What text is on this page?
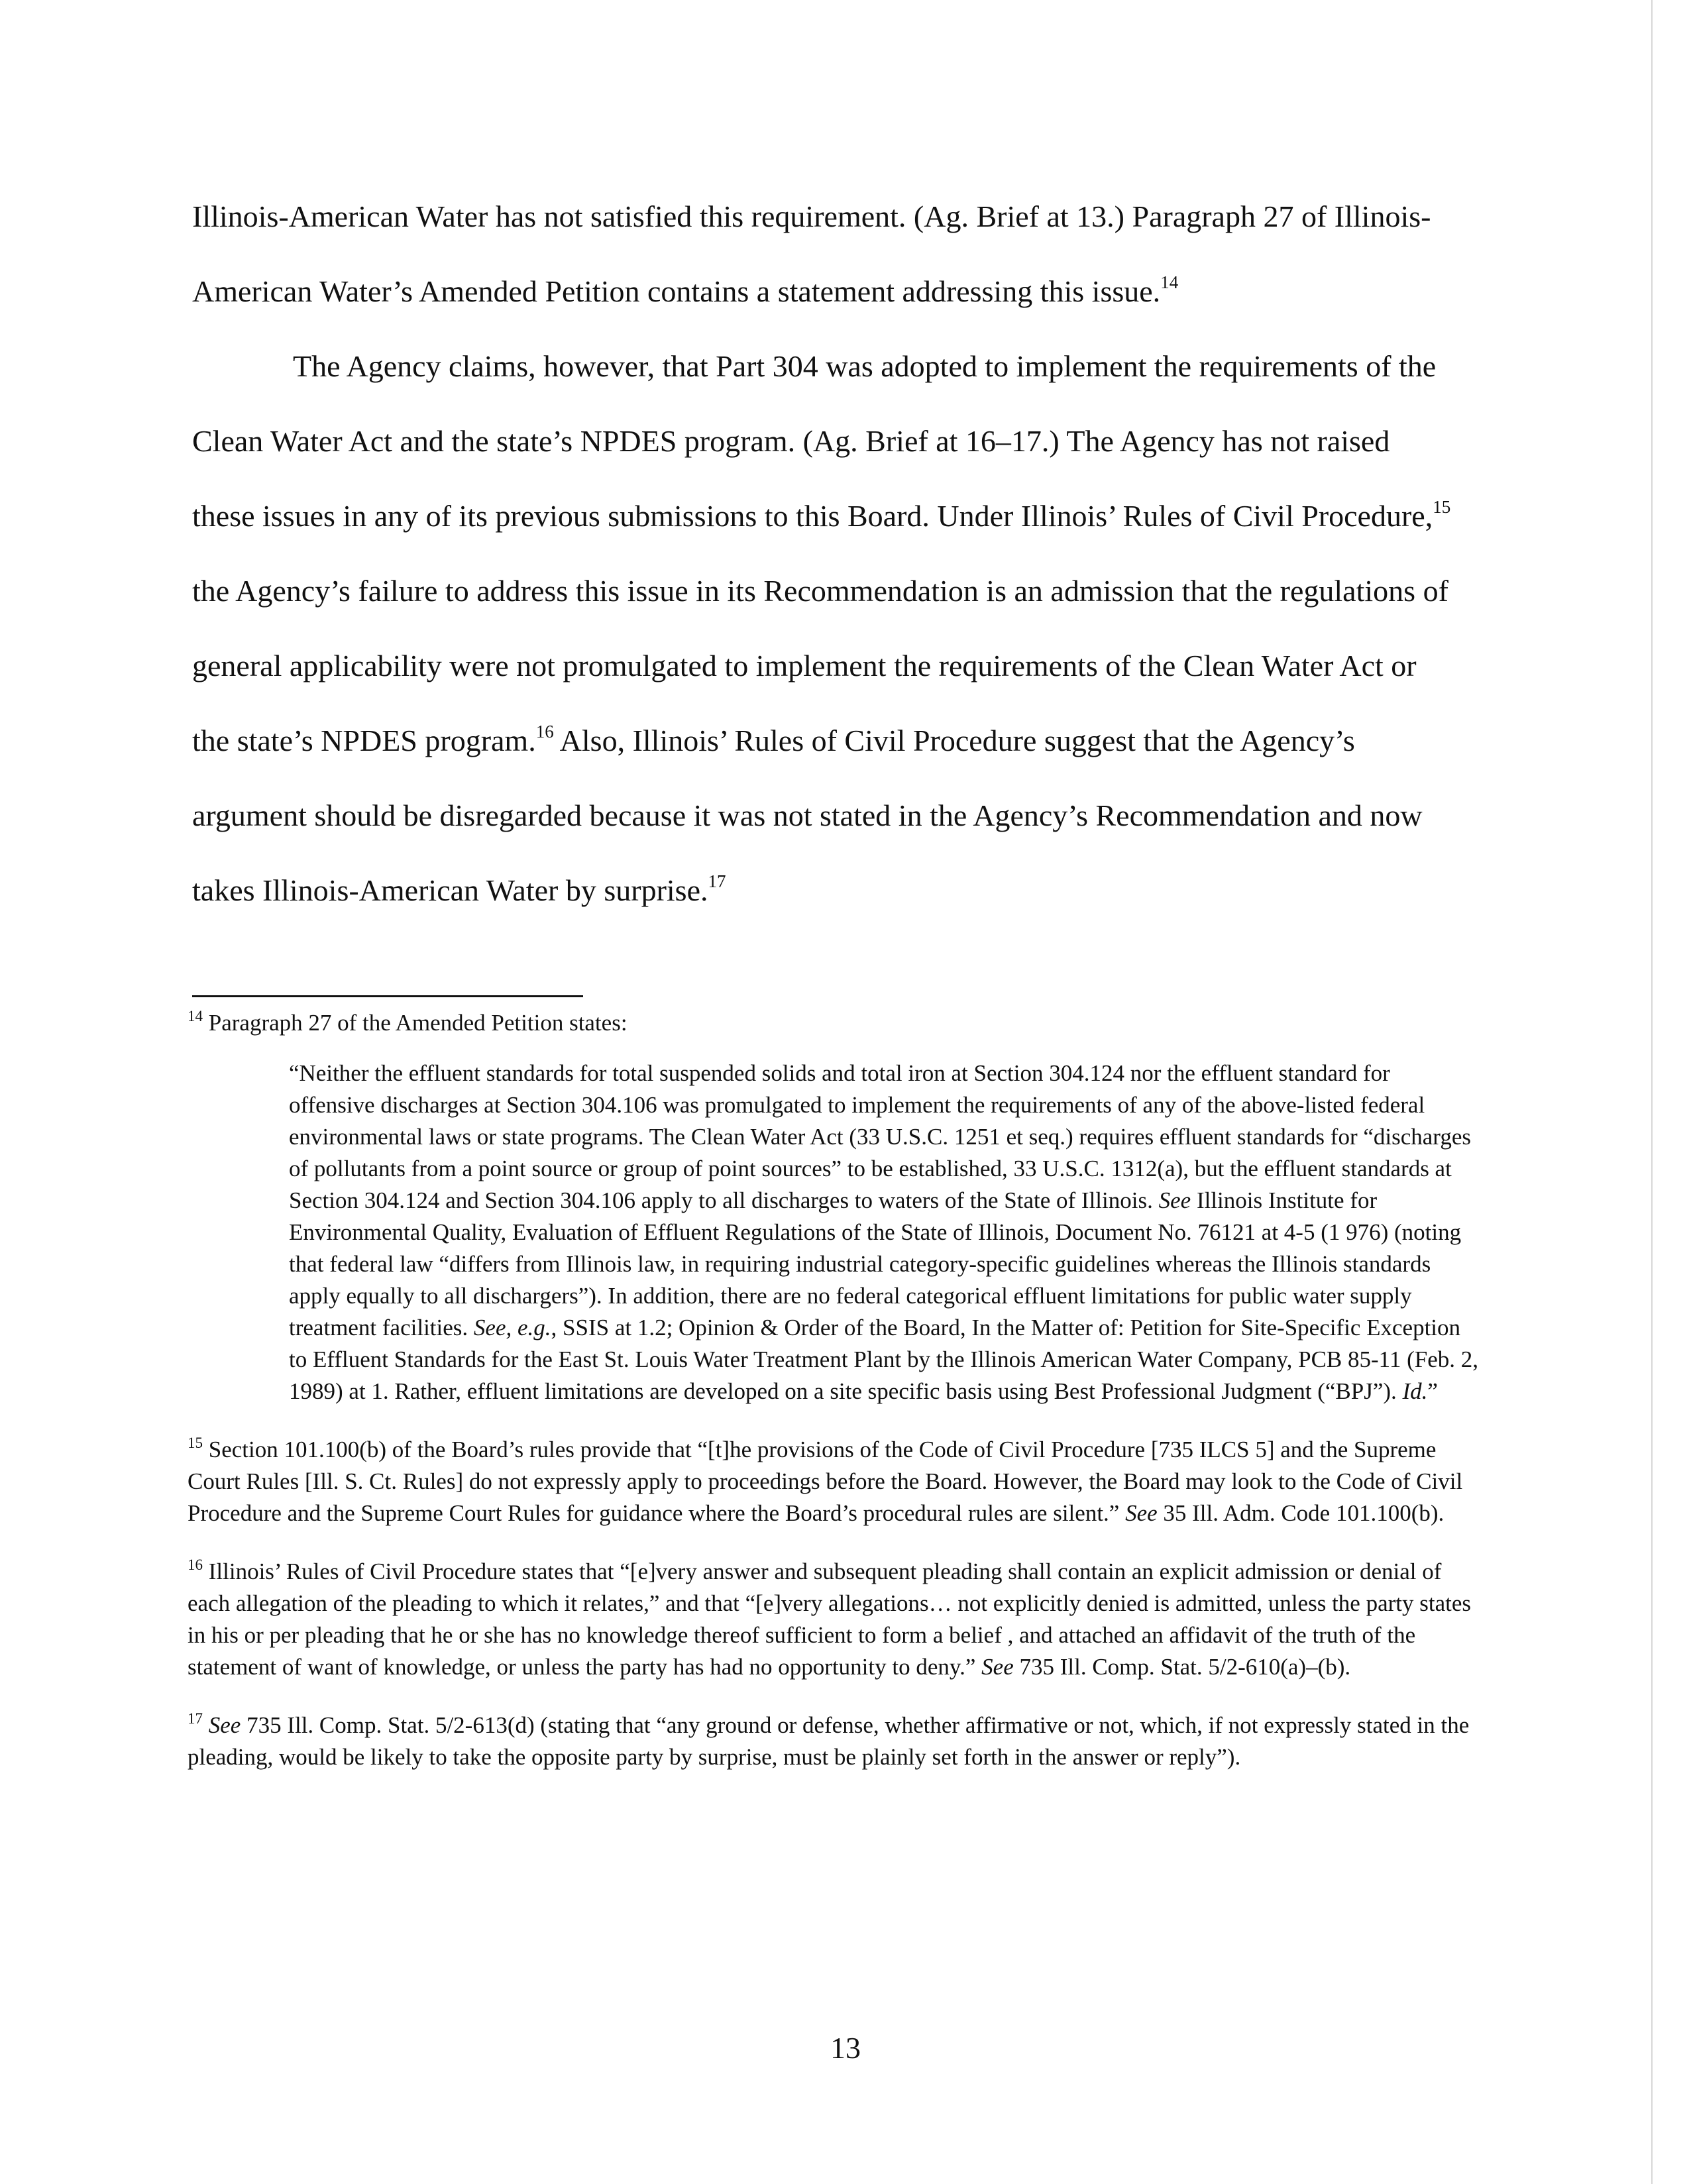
Illinois-American Water has not satisfied this requirement. (Ag. Brief at 13.) Paragraph 27 of Illinois-American Water’s Amended Petition contains a statement addressing this issue.$^{14}$

The Agency claims, however, that Part 304 was adopted to implement the requirements of the Clean Water Act and the state’s NPDES program. (Ag. Brief at 16–17.) The Agency has not raised these issues in any of its previous submissions to this Board. Under Illinois’ Rules of Civil Procedure,$^{15}$ the Agency’s failure to address this issue in its Recommendation is an admission that the regulations of general applicability were not promulgated to implement the requirements of the Clean Water Act or the state’s NPDES program.$^{16}$ Also, Illinois’ Rules of Civil Procedure suggest that the Agency’s argument should be disregarded because it was not stated in the Agency’s Recommendation and now takes Illinois-American Water by surprise.$^{17}$

$^{14}$ Paragraph 27 of the Amended Petition states:

“Neither the effluent standards for total suspended solids and total iron at Section 304.124 nor the effluent standard for offensive discharges at Section 304.106 was promulgated to implement the requirements of any of the above-listed federal environmental laws or state programs. The Clean Water Act (33 U.S.C. 1251 et seq.) requires effluent standards for “discharges of pollutants from a point source or group of point sources” to be established, 33 U.S.C. 1312(a), but the effluent standards at Section 304.124 and Section 304.106 apply to all discharges to waters of the State of Illinois. See Illinois Institute for Environmental Quality, Evaluation of Effluent Regulations of the State of Illinois, Document No. 76121 at 4-5 (1 976) (noting that federal law “differs from Illinois law, in requiring industrial category-specific guidelines whereas the Illinois standards apply equally to all dischargers”). In addition, there are no federal categorical effluent limitations for public water supply treatment facilities. See, e.g., SSIS at 1.2; Opinion & Order of the Board, In the Matter of: Petition for Site-Specific Exception to Effluent Standards for the East St. Louis Water Treatment Plant by the Illinois American Water Company, PCB 85-11 (Feb. 2, 1989) at 1. Rather, effluent limitations are developed on a site specific basis using Best Professional Judgment (“BPJ”). Id.”

$^{15}$ Section 101.100(b) of the Board’s rules provide that “[t]he provisions of the Code of Civil Procedure [735 ILCS 5] and the Supreme Court Rules [Ill. S. Ct. Rules] do not expressly apply to proceedings before the Board. However, the Board may look to the Code of Civil Procedure and the Supreme Court Rules for guidance where the Board’s procedural rules are silent.” See 35 Ill. Adm. Code 101.100(b).

$^{16}$ Illinois’ Rules of Civil Procedure states that “[e]very answer and subsequent pleading shall contain an explicit admission or denial of each allegation of the pleading to which it relates,” and that “[e]very allegations… not explicitly denied is admitted, unless the party states in his or per pleading that he or she has no knowledge thereof sufficient to form a belief , and attached an affidavit of the truth of the statement of want of knowledge, or unless the party has had no opportunity to deny.” See 735 Ill. Comp. Stat. 5/2-610(a)–(b).

$^{17}$ See 735 Ill. Comp. Stat. 5/2-613(d) (stating that “any ground or defense, whether affirmative or not, which, if not expressly stated in the pleading, would be likely to take the opposite party by surprise, must be plainly set forth in the answer or reply”).

13
